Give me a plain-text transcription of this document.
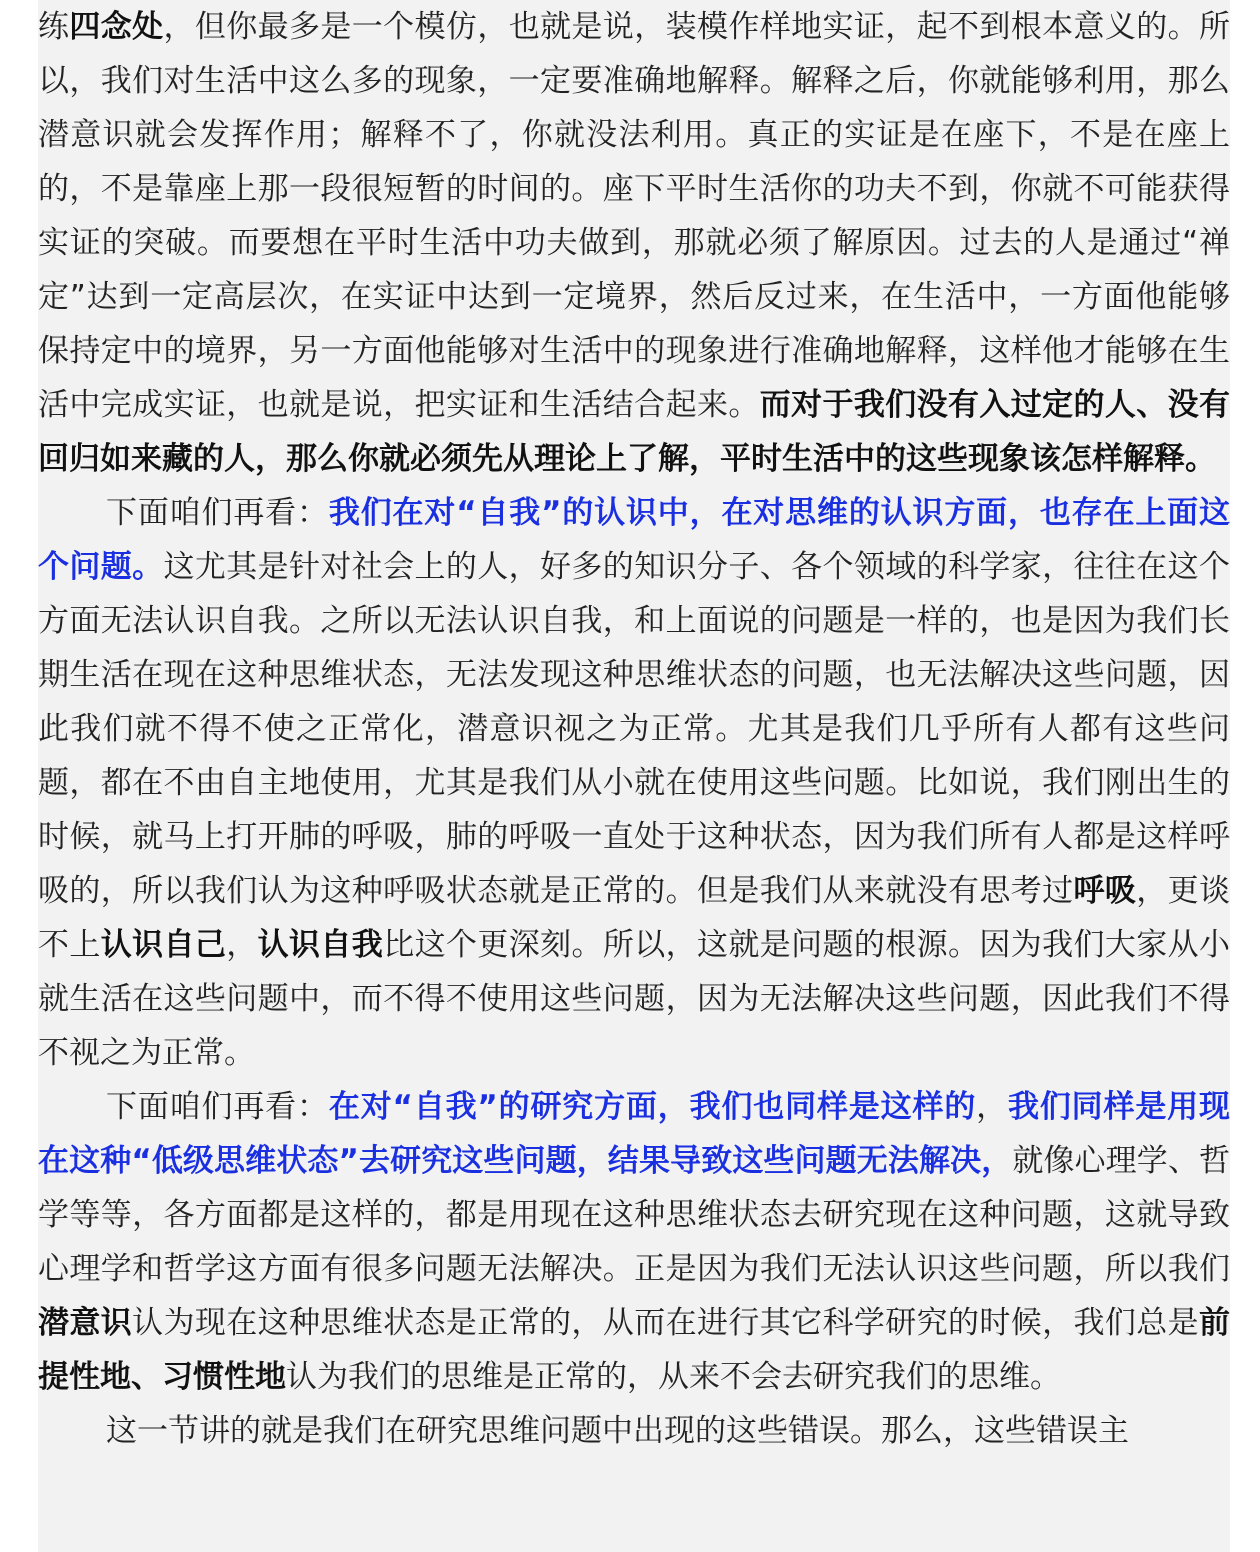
练四念处，但你最多是一个模仿，也就是说，装模作样地实证，起不到根本意义的。所以，我们对生活中这么多的现象，一定要准确地解释。解释之后，你就能够利用，那么潜意识就会发挥作用；解释不了，你就没法利用。真正的实证是在座下，不是在座上的，不是靠座上那一段很短暂的时间的。座下平时生活你的功夫不到，你就不可能获得实证的突破。而要想在平时生活中功夫做到，那就必须了解原因。过去的人是通过“禅定”达到一定高层次，在实证中达到一定境界，然后反过来，在生活中，一方面他能够保持定中的境界，另一方面他能够对生活中的现象进行准确地解释，这样他才能够在生活中完成实证，也就是说，把实证和生活结合起来。而对于我们没有入过定的人、没有回归如来藏的人，那么你就必须先从理论上了解，平时生活中的这些现象该怎样解释。

下面咱们再看：我们在对“自我”的认识中，在对思维的认识方面，也存在上面这个问题。这尤其是针对社会上的人，好多的知识分子、各个领域的科学家，往往在这个方面无法认识自我。之所以无法认识自我，和上面说的问题是一样的，也是因为我们长期生活在现在这种思维状态，无法发现这种思维状态的问题，也无法解决这些问题，因此我们就不得不使之正常化，潜意识视之为正常。尤其是我们几乎所有人都有这些问题，都在不由自主地使用，尤其是我们从小就在使用这些问题。比如说，我们刚出生的时候，就马上打开肺的呼吸，肺的呼吸一直处于这种状态，因为我们所有人都是这样呼吸的，所以我们认为这种呼吸状态就是正常的。但是我们从来就没有思考过呼吸，更谈不上认识自己，认识自我比这个更深刻。所以，这就是问题的根源。因为我们大家从小就生活在这些问题中，而不得不使用这些问题，因为无法解决这些问题，因此我们不得不视之为正常。

下面咱们再看：在对“自我”的研究方面，我们也同样是这样的，我们同样是用现在这种“低级思维状态”去研究这些问题，结果导致这些问题无法解决，就像心理学、哲学等等，各方面都是这样的，都是用现在这种思维状态去研究现在这种问题，这就导致心理学和哲学这方面有很多问题无法解决。正是因为我们无法认识这些问题，所以我们潜意识认为现在这种思维状态是正常的，从而在进行其它科学研究的时候，我们总是前提性地、习惯性地认为我们的思维是正常的，从来不会去研究我们的思维。

这一节讲的就是我们在研究思维问题中出现的这些错误。那么，这些错误主
